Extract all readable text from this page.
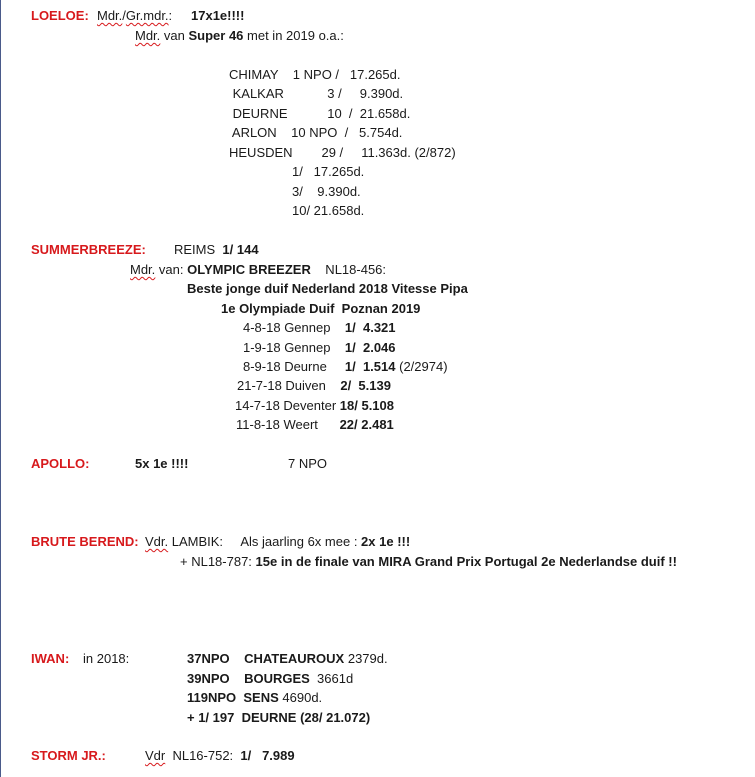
LOELOE: Mdr./Gr.mdr.: 17x1e!!!!
Mdr. van Super 46 met in 2019 o.a.:
CHIMAY    1 NPO /   17.265d.
KALKAR            3 /     9.390d.
DEURNE           10  /  21.658d.
ARLON    10 NPO  /   5.754d.
HEUSDEN        29 /     11.363d. (2/872)
1/   17.265d.
3/    9.390d.
10/ 21.658d.
SUMMERBREEZE: REIMS  1/ 144
Mdr. van: OLYMPIC BREEZER    NL18-456:
Beste jonge duif Nederland 2018 Vitesse Pipa
1e Olympiade Duif  Poznan 2019
4-8-18 Gennep    1/  4.321
1-9-18 Gennep    1/  2.046
8-9-18 Deurne     1/  1.514 (2/2974)
21-7-18 Duiven    2/  5.139
14-7-18 Deventer 18/ 5.108
11-8-18 Weert      22/ 2.481
APOLLO:	5x 1e !!!!	7 NPO
BRUTE BEREND: Vdr. LAMBIK:     Als jaarling 6x mee : 2x 1e !!!
+ NL18-787: 15e in de finale van MIRA Grand Prix Portugal 2e Nederlandse duif !!
IWAN: in 2018:	37NPO    CHATEAUROUX 2379d.
39NPO    BOURGES  3661d
119NPO  SENS 4690d.
+ 1/ 197  DEURNE (28/ 21.072)
STORM JR.:	Vdr  NL16-752:  1/   7.989
